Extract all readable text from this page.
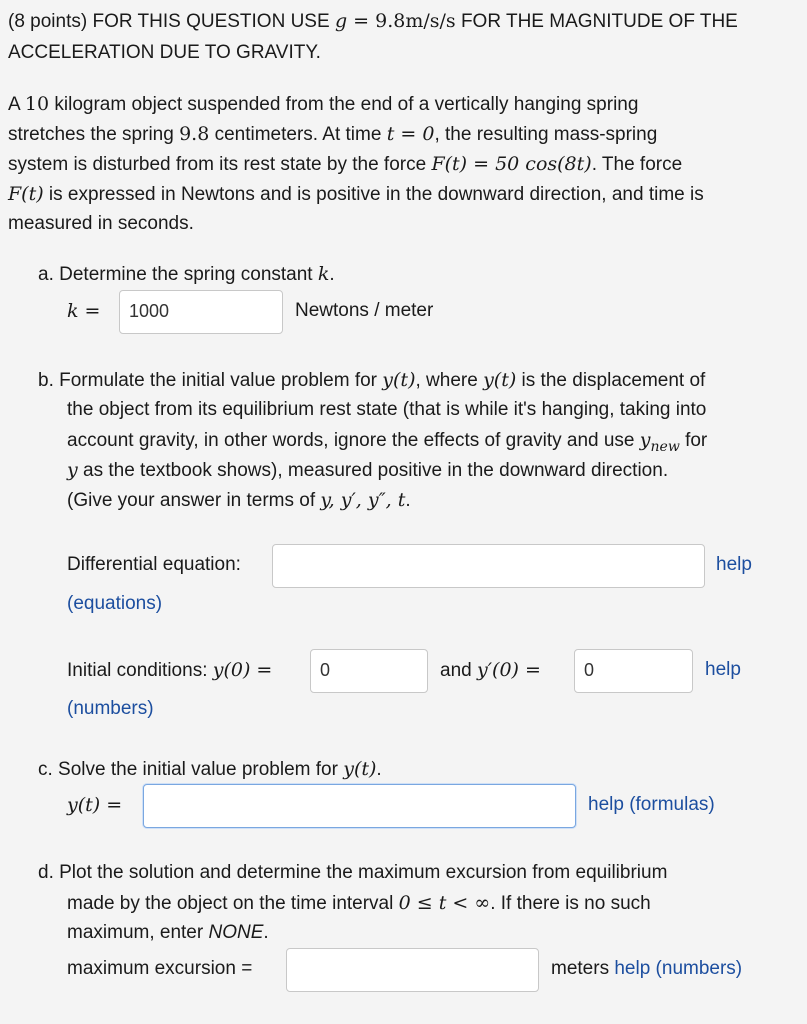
(8 points) FOR THIS QUESTION USE g = 9.8m/s/s FOR THE MAGNITUDE OF THE
ACCELERATION DUE TO GRAVITY.
A 10 kilogram object suspended from the end of a vertically hanging spring
stretches the spring 9.8 centimeters. At time t = 0, the resulting mass-spring
system is disturbed from its rest state by the force F(t) = 50 cos(8t). The force
F(t) is expressed in Newtons and is positive in the downward direction, and time is
measured in seconds.
a. Determine the spring constant k.
k =	1000	Newtons / meter
b. Formulate the initial value problem for y(t), where y(t) is the displacement of
the object from its equilibrium rest state (that is while it's hanging, taking into
account gravity, in other words, ignore the effects of gravity and use $y_{new}$ for
y as the textbook shows), measured positive in the downward direction.
(Give your answer in terms of y, y′, y″, t.
Differential equation:	help
(equations)
Initial conditions: y(0) =	0	and y′(0) =	0	help
(numbers)
c. Solve the initial value problem for y(t).
y(t) =	help (formulas)
d. Plot the solution and determine the maximum excursion from equilibrium
made by the object on the time interval 0 ≤ t < ∞. If there is no such
maximum, enter NONE.
maximum excursion =	meters help (numbers)
